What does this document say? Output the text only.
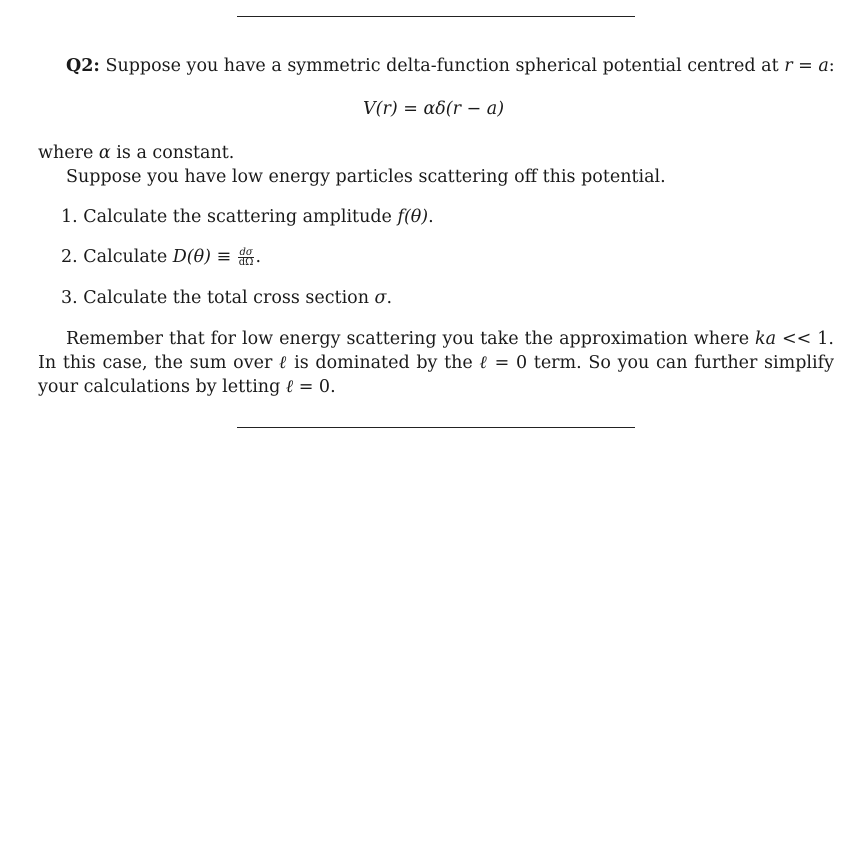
Q2: Suppose you have a symmetric delta-function spherical potential centred at r = a:
V(r) = αδ(r − a)
where α is a constant.
Suppose you have low energy particles scattering off this potential.
1. Calculate the scattering amplitude f(θ).
2. Calculate $D(\theta) \equiv \frac{d\sigma}{d\Omega}$ .
3. Calculate the total cross section σ.
Remember that for low energy scattering you take the approximation where ka << 1. In this case, the sum over ℓ is dominated by the ℓ = 0 term. So you can further simplify your calculations by letting ℓ = 0.
